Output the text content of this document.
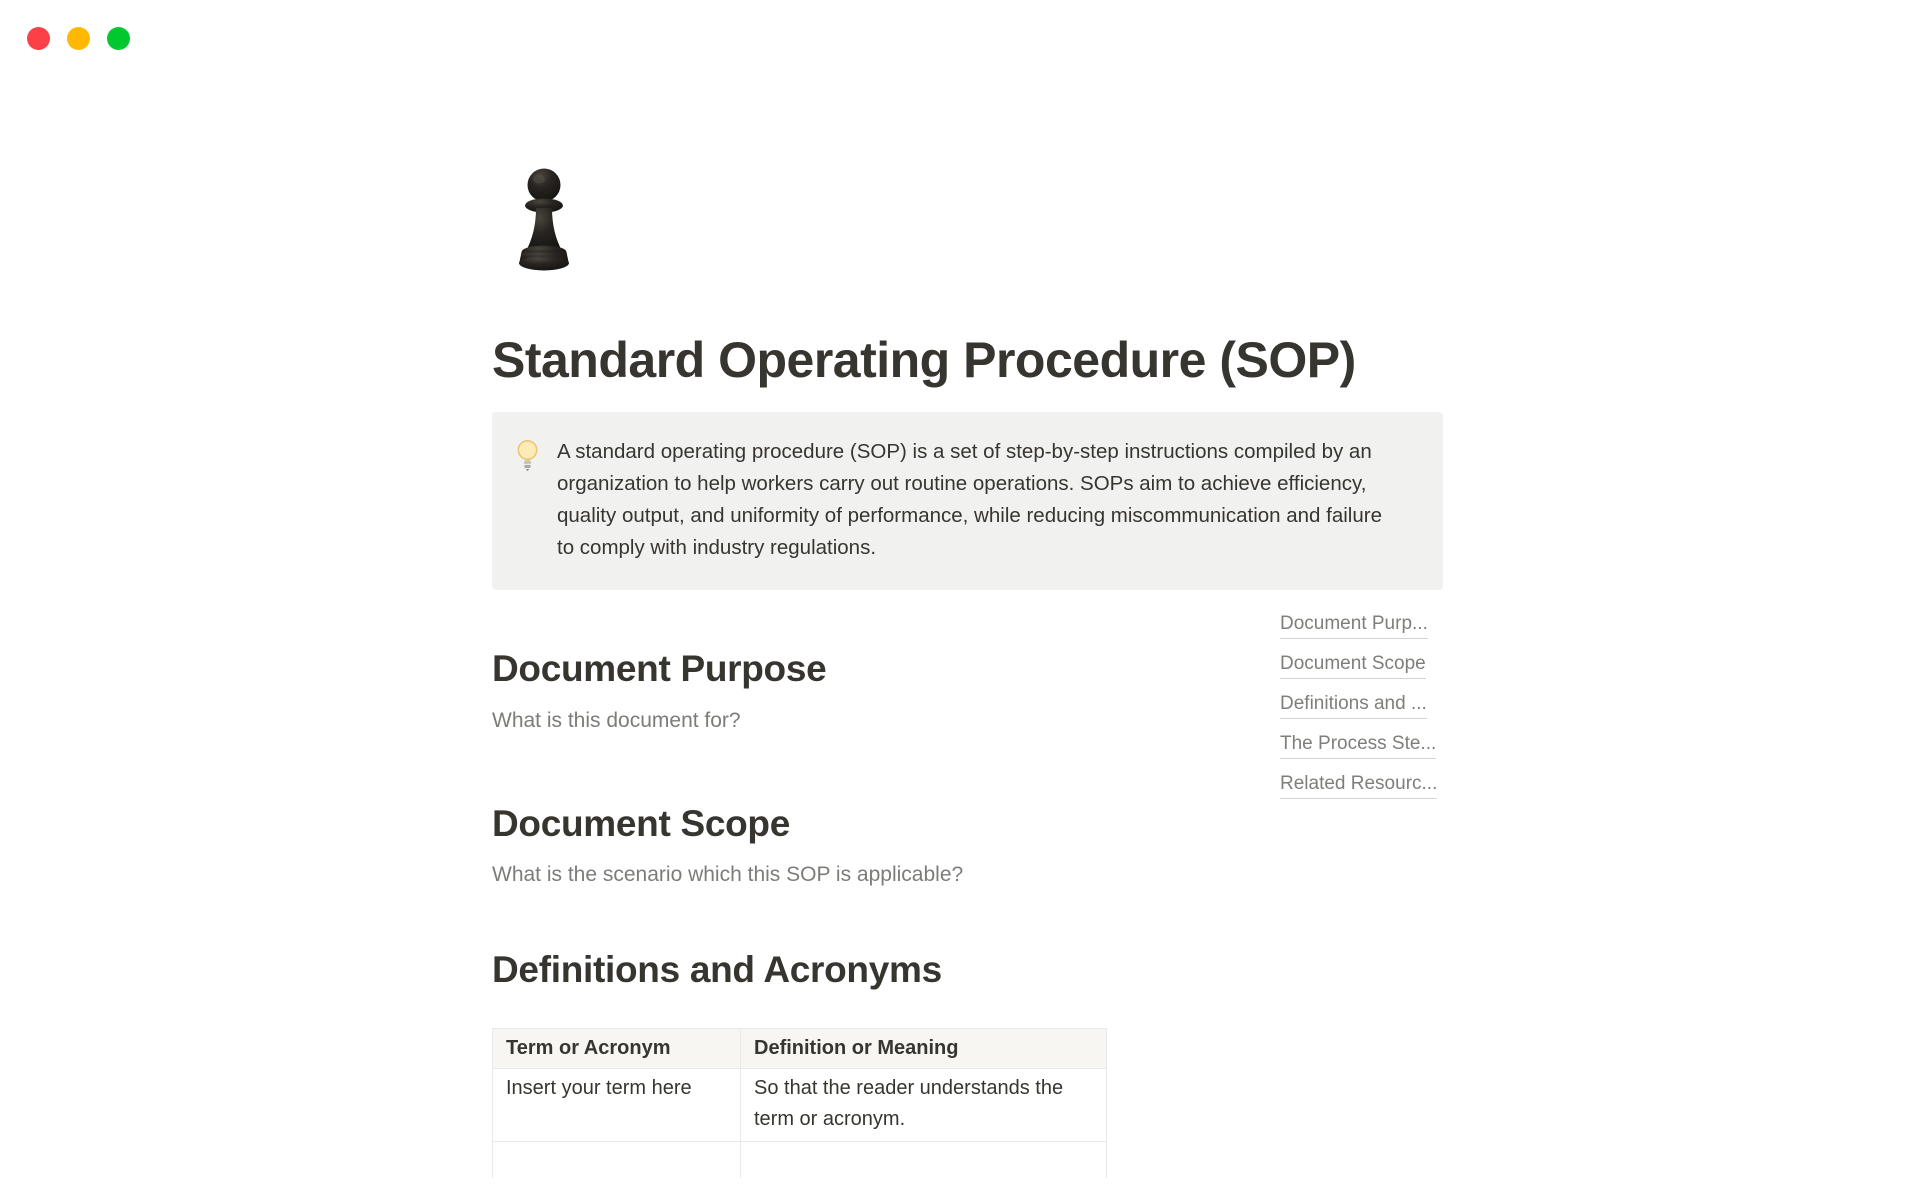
Standard Operating Procedure (SOP)
A standard operating procedure (SOP) is a set of step-by-step instructions compiled by an organization to help workers carry out routine operations. SOPs aim to achieve efficiency, quality output, and uniformity of performance, while reducing miscommunication and failure to comply with industry regulations.
Document Purpose

What is this document for?

Document Scope

What is the scenario which this SOP is applicable?

Definitions and Acronyms
Term or Acronym	Definition or Meaning
Insert your term here	So that the reader understands the term or acronym.

Document Purp...
Document Scope
Definitions and ...
The Process Ste...
Related Resourc...
